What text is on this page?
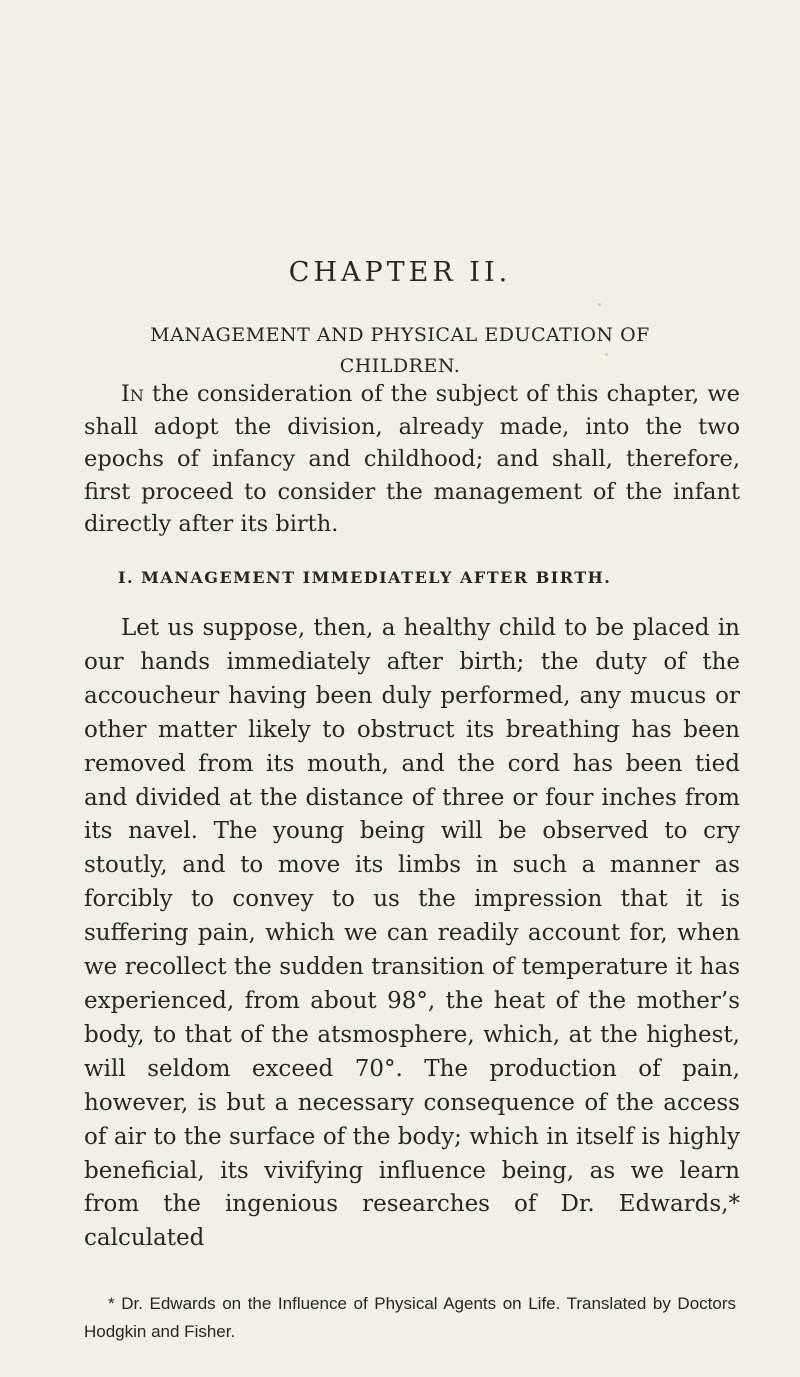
CHAPTER II.
MANAGEMENT AND PHYSICAL EDUCATION OF
CHILDREN.

In the consideration of the subject of this chapter, we shall adopt the division, already made, into the two epochs of infancy and childhood; and shall, therefore, first proceed to consider the management of the infant directly after its birth.

I. MANAGEMENT IMMEDIATELY AFTER BIRTH.

Let us suppose, then, a healthy child to be placed in our hands immediately after birth; the duty of the accoucheur having been duly performed, any mucus or other matter likely to obstruct its breathing has been removed from its mouth, and the cord has been tied and divided at the distance of three or four inches from its navel. The young being will be observed to cry stoutly, and to move its limbs in such a manner as forcibly to convey to us the impression that it is suffering pain, which we can readily account for, when we recollect the sudden transition of temperature it has experienced, from about 98°, the heat of the mother’s body, to that of the atsmosphere, which, at the highest, will seldom exceed 70°. The production of pain, however, is but a necessary consequence of the access of air to the surface of the body; which in itself is highly beneficial, its vivifying influence being, as we learn from the ingenious researches of Dr. Edwards,* calculated

* Dr. Edwards on the Influence of Physical Agents on Life. Translated by Doctors Hodgkin and Fisher.
